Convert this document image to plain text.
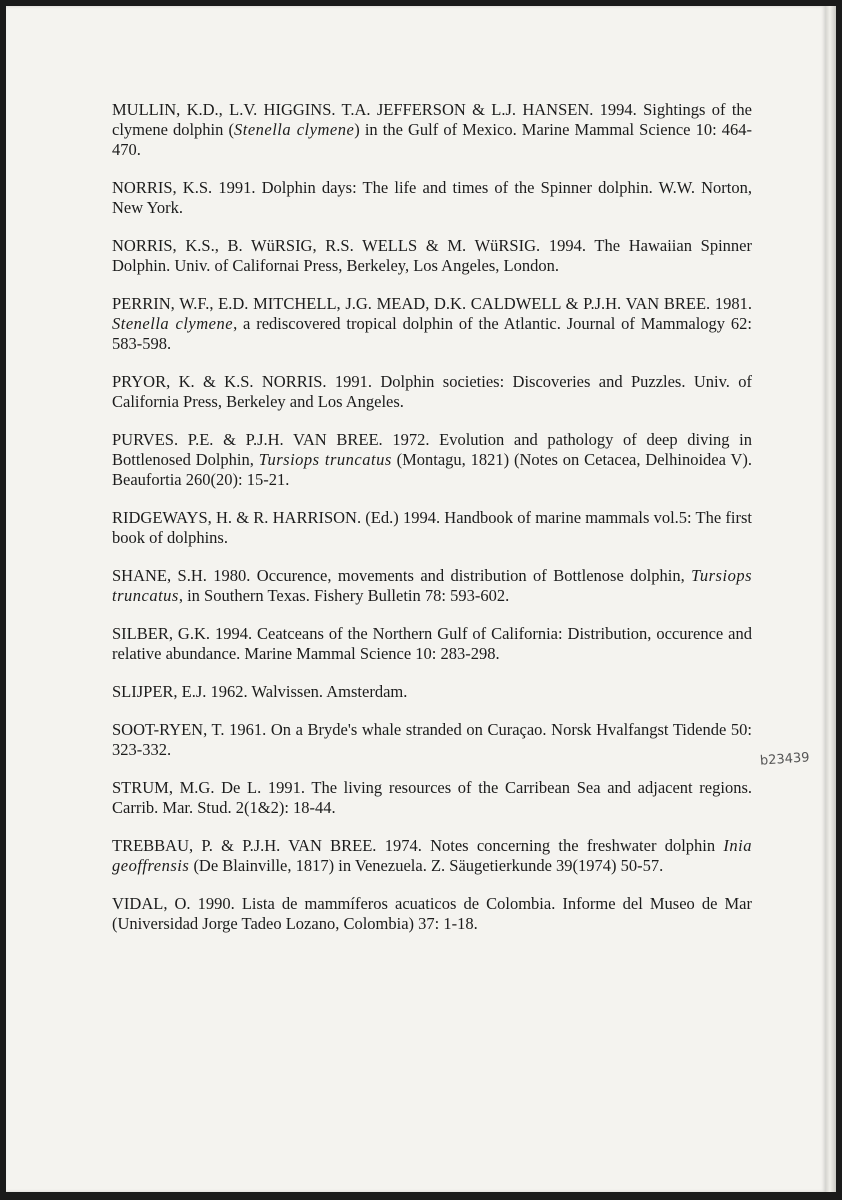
MULLIN, K.D., L.V. HIGGINS. T.A. JEFFERSON & L.J. HANSEN. 1994. Sightings of the clymene dolphin (Stenella clymene) in the Gulf of Mexico. Marine Mammal Science 10: 464-470.

NORRIS, K.S. 1991. Dolphin days: The life and times of the Spinner dolphin. W.W. Norton, New York.

NORRIS, K.S., B. WüRSIG, R.S. WELLS & M. WüRSIG. 1994. The Hawaiian Spinner Dolphin. Univ. of Californai Press, Berkeley, Los Angeles, London.

PERRIN, W.F., E.D. MITCHELL, J.G. MEAD, D.K. CALDWELL & P.J.H. VAN BREE. 1981. Stenella clymene, a rediscovered tropical dolphin of the Atlantic. Journal of Mammalogy 62: 583-598.

PRYOR, K. & K.S. NORRIS. 1991. Dolphin societies: Discoveries and Puzzles. Univ. of California Press, Berkeley and Los Angeles.

PURVES. P.E. & P.J.H. VAN BREE. 1972. Evolution and pathology of deep diving in Bottlenosed Dolphin, Tursiops truncatus (Montagu, 1821) (Notes on Cetacea, Delhinoidea V). Beaufortia 260(20): 15-21.

RIDGEWAYS, H. & R. HARRISON. (Ed.) 1994. Handbook of marine mammals vol.5: The first book of dolphins.

SHANE, S.H. 1980. Occurence, movements and distribution of Bottlenose dolphin, Tursiops truncatus, in Southern Texas. Fishery Bulletin 78: 593-602.

SILBER, G.K. 1994. Ceatceans of the Northern Gulf of California: Distribution, occurence and relative abundance. Marine Mammal Science 10: 283-298.

SLIJPER, E.J. 1962. Walvissen. Amsterdam.

SOOT-RYEN, T. 1961. On a Bryde's whale stranded on Curaçao. Norsk Hvalfangst Tidende 50: 323-332.

STRUM, M.G. De L. 1991. The living resources of the Carribean Sea and adjacent regions. Carrib. Mar. Stud. 2(1&2): 18-44.

TREBBAU, P. & P.J.H. VAN BREE. 1974. Notes concerning the freshwater dolphin Inia geoffrensis (De Blainville, 1817) in Venezuela. Z. Säugetierkunde 39(1974) 50-57.

VIDAL, O. 1990. Lista de mammíferos acuaticos de Colombia. Informe del Museo de Mar (Universidad Jorge Tadeo Lozano, Colombia) 37: 1-18.

b23439
